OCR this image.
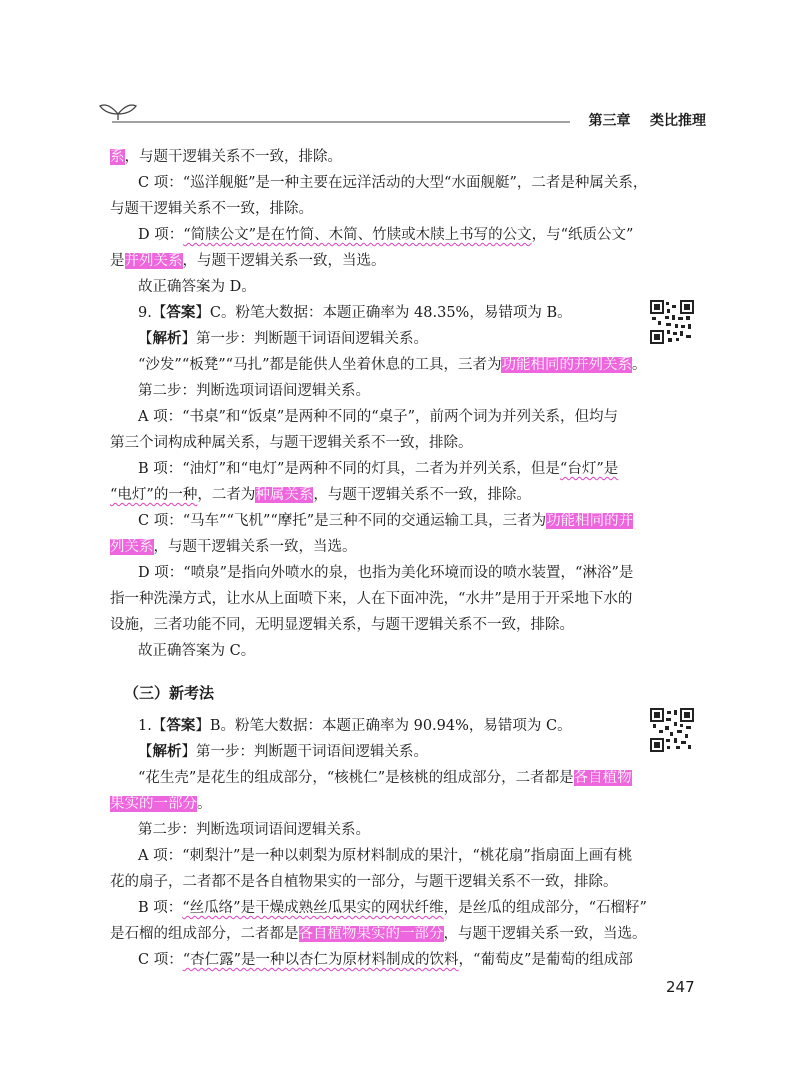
第三章 类比推理
系，与题干逻辑关系不一致，排除。
C 项：“巡洋舰艇”是一种主要在远洋活动的大型“水面舰艇”，二者是种属关系，
与题干逻辑关系不一致，排除。
D 项：“简牍公文”是在竹简、木简、竹牍或木牍上书写的公文，与“纸质公文”
是并列关系，与题干逻辑关系一致，当选。
故正确答案为 D。
9.【答案】C。粉笔大数据：本题正确率为 48.35%，易错项为 B。
【解析】第一步：判断题干词语间逻辑关系。
“沙发”“板凳”“马扎”都是能供人坐着休息的工具，三者为功能相同的并列关系。
第二步：判断选项词语间逻辑关系。
A 项：“书桌”和“饭桌”是两种不同的“桌子”，前两个词为并列关系，但均与
第三个词构成种属关系，与题干逻辑关系不一致，排除。
B 项：“油灯”和“电灯”是两种不同的灯具，二者为并列关系，但是“台灯”是
“电灯”的一种，二者为种属关系，与题干逻辑关系不一致，排除。
C 项：“马车”“飞机”“摩托”是三种不同的交通运输工具，三者为功能相同的并
列关系，与题干逻辑关系一致，当选。
D 项：“喷泉”是指向外喷水的泉，也指为美化环境而设的喷水装置，“淋浴”是
指一种洗澡方式，让水从上面喷下来，人在下面冲洗，“水井”是用于开采地下水的
设施，三者功能不同，无明显逻辑关系，与题干逻辑关系不一致，排除。
故正确答案为 C。
（三）新考法
1.【答案】B。粉笔大数据：本题正确率为 90.94%，易错项为 C。
【解析】第一步：判断题干词语间逻辑关系。
“花生壳”是花生的组成部分，“核桃仁”是核桃的组成部分，二者都是各自植物
果实的一部分。
第二步：判断选项词语间逻辑关系。
A 项：“刺梨汁”是一种以刺梨为原材料制成的果汁，“桃花扇”指扇面上画有桃
花的扇子，二者都不是各自植物果实的一部分，与题干逻辑关系不一致，排除。
B 项：“丝瓜络”是干燥成熟丝瓜果实的网状纤维，是丝瓜的组成部分，“石榴籽”
是石榴的组成部分，二者都是各自植物果实的一部分，与题干逻辑关系一致，当选。
C 项：“杏仁露”是一种以杏仁为原材料制成的饮料，“葡萄皮”是葡萄的组成部
247
